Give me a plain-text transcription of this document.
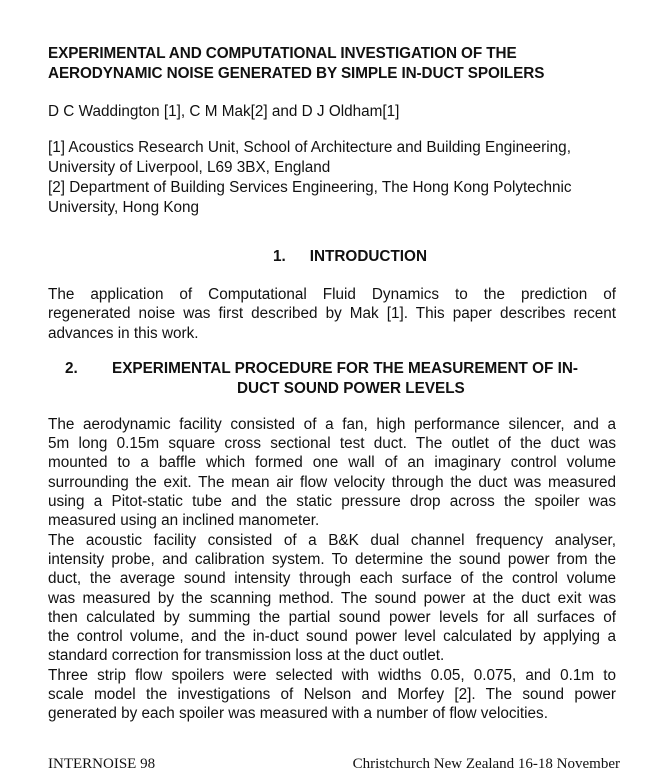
EXPERIMENTAL AND COMPUTATIONAL INVESTIGATION OF THE
AERODYNAMIC NOISE GENERATED BY SIMPLE IN-DUCT SPOILERS
D C Waddington [1], C M Mak[2] and D J Oldham[1]
[1] Acoustics Research Unit, School of Architecture and Building Engineering,
University of Liverpool, L69 3BX, England
[2] Department of Building Services Engineering, The Hong Kong Polytechnic
University, Hong Kong
1. INTRODUCTION

The application of Computational Fluid Dynamics to the prediction of
regenerated noise was first described by Mak [1]. This paper describes recent
advances in this work.

2. EXPERIMENTAL PROCEDURE FOR THE MEASUREMENT OF IN-
DUCT SOUND POWER LEVELS

The aerodynamic facility consisted of a fan, high performance silencer, and a
5m long 0.15m square cross sectional test duct. The outlet of the duct was
mounted to a baffle which formed one wall of an imaginary control volume
surrounding the exit. The mean air flow velocity through the duct was measured
using a Pitot-static tube and the static pressure drop across the spoiler was
measured using an inclined manometer.

The acoustic facility consisted of a B&K dual channel frequency analyser,
intensity probe, and calibration system. To determine the sound power from the
duct, the average sound intensity through each surface of the control volume
was measured by the scanning method. The sound power at the duct exit was
then calculated by summing the partial sound power levels for all surfaces of
the control volume, and the in-duct sound power level calculated by applying a
standard correction for transmission loss at the duct outlet.

Three strip flow spoilers were selected with widths 0.05, 0.075, and 0.1m to
scale model the investigations of Nelson and Morfey [2]. The sound power
generated by each spoiler was measured with a number of flow velocities.

INTERNOISE 98	Christchurch New Zealand 16-18 November
